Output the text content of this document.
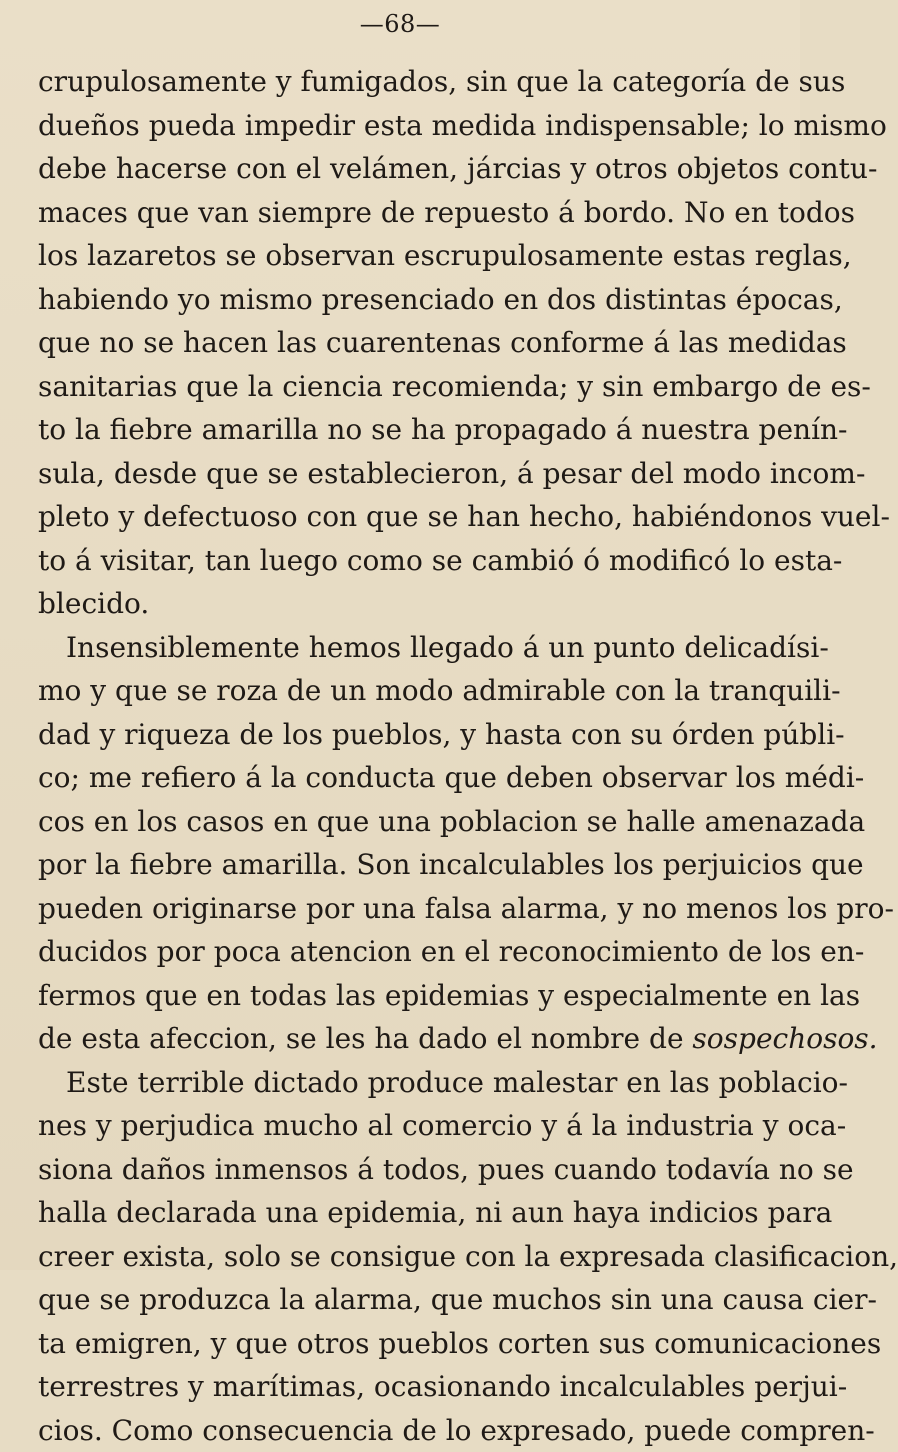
—68—
crupulosamente y fumigados, sin que la categoría de sus
dueños pueda impedir esta medida indispensable; lo mismo
debe hacerse con el velámen, járcias y otros objetos contu-
maces que van siempre de repuesto á bordo. No en todos
los lazaretos se observan escrupulosamente estas reglas,
habiendo yo mismo presenciado en dos distintas épocas,
que no se hacen las cuarentenas conforme á las medidas
sanitarias que la ciencia recomienda; y sin embargo de es-
to la fiebre amarilla no se ha propagado á nuestra penín-
sula, desde que se establecieron, á pesar del modo incom-
pleto y defectuoso con que se han hecho, habiéndonos vuel-
to á visitar, tan luego como se cambió ó modificó lo esta-
blecido.
Insensiblemente hemos llegado á un punto delicadísi-
mo y que se roza de un modo admirable con la tranquili-
dad y riqueza de los pueblos, y hasta con su órden públi-
co; me refiero á la conducta que deben observar los médi-
cos en los casos en que una poblacion se halle amenazada
por la fiebre amarilla. Son incalculables los perjuicios que
pueden originarse por una falsa alarma, y no menos los pro-
ducidos por poca atencion en el reconocimiento de los en-
fermos que en todas las epidemias y especialmente en las
de esta afeccion, se les ha dado el nombre de sospechosos.
Este terrible dictado produce malestar en las poblacio-
nes y perjudica mucho al comercio y á la industria y oca-
siona daños inmensos á todos, pues cuando todavía no se
halla declarada una epidemia, ni aun haya indicios para
creer exista, solo se consigue con la expresada clasificacion,
que se produzca la alarma, que muchos sin una causa cier-
ta emigren, y que otros pueblos corten sus comunicaciones
terrestres y marítimas, ocasionando incalculables perjui-
cios. Como consecuencia de lo expresado, puede compren-
